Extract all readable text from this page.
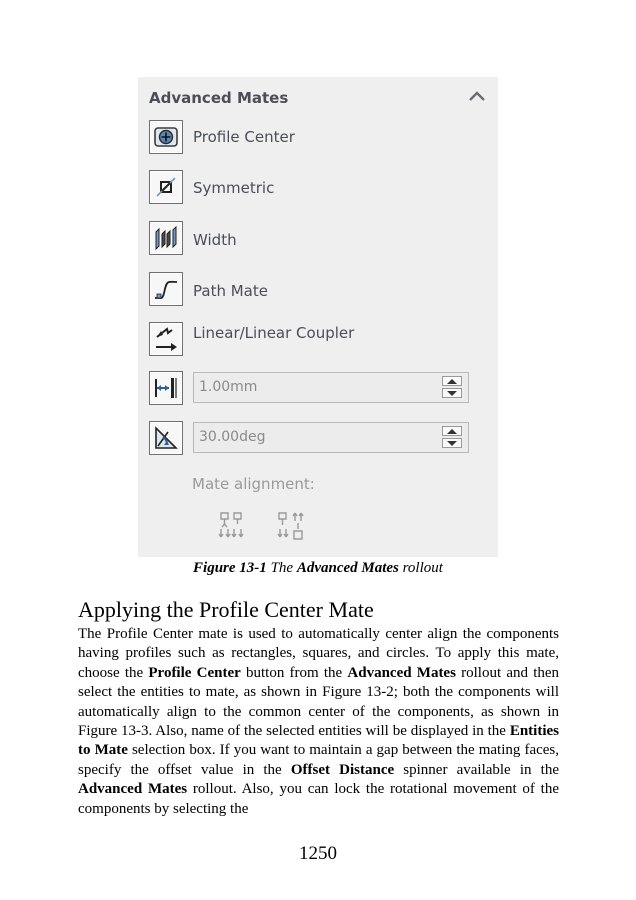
Advanced Mates
Profile Center
Symmetric
Width
Path Mate
Linear/Linear Coupler
1.00mm
30.00deg
Mate alignment:
Figure 13-1 The Advanced Mates rollout
Applying the Profile Center Mate
The Profile Center mate is used to automatically center align the components having profiles such as rectangles, squares, and circles. To apply this mate, choose the Profile Center button from the Advanced Mates rollout and then select the entities to mate, as shown in Figure 13-2; both the components will automatically align to the common center of the components, as shown in Figure 13-3. Also, name of the selected entities will be displayed in the Entities to Mate selection box. If you want to maintain a gap between the mating faces, specify the offset value in the Offset Distance spinner available in the Advanced Mates rollout. Also, you can lock the rotational movement of the components by selecting the
1250
